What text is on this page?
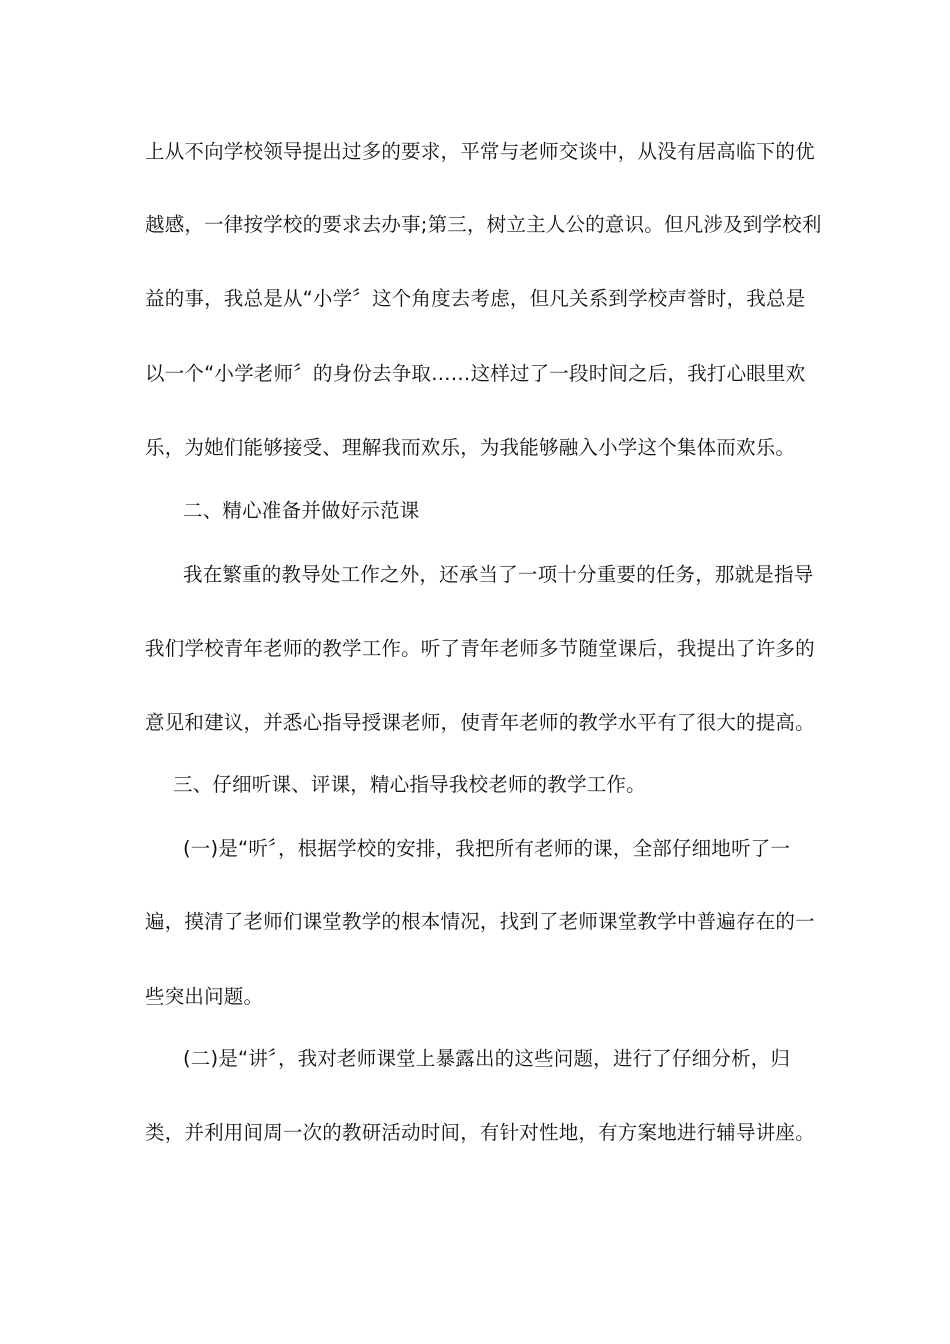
上从不向学校领导提出过多的要求，平常与老师交谈中，从没有居高临下的优
越感，一律按学校的要求去办事;第三，树立主人公的意识。但凡涉及到学校利
益的事，我总是从“小学〞这个角度去考虑，但凡关系到学校声誉时，我总是
以一个“小学老师〞的身份去争取……这样过了一段时间之后，我打心眼里欢
乐，为她们能够接受、理解我而欢乐，为我能够融入小学这个集体而欢乐。
二、精心准备并做好示范课
我在繁重的教导处工作之外，还承当了一项十分重要的任务，那就是指导
我们学校青年老师的教学工作。听了青年老师多节随堂课后，我提出了许多的
意见和建议，并悉心指导授课老师，使青年老师的教学水平有了很大的提高。
三、仔细听课、评课，精心指导我校老师的教学工作。
(一)是“听〞，根据学校的安排，我把所有老师的课，全部仔细地听了一
遍，摸清了老师们课堂教学的根本情况，找到了老师课堂教学中普遍存在的一
些突出问题。
(二)是“讲〞，我对老师课堂上暴露出的这些问题，进行了仔细分析，归
类，并利用间周一次的教研活动时间，有针对性地，有方案地进行辅导讲座。
